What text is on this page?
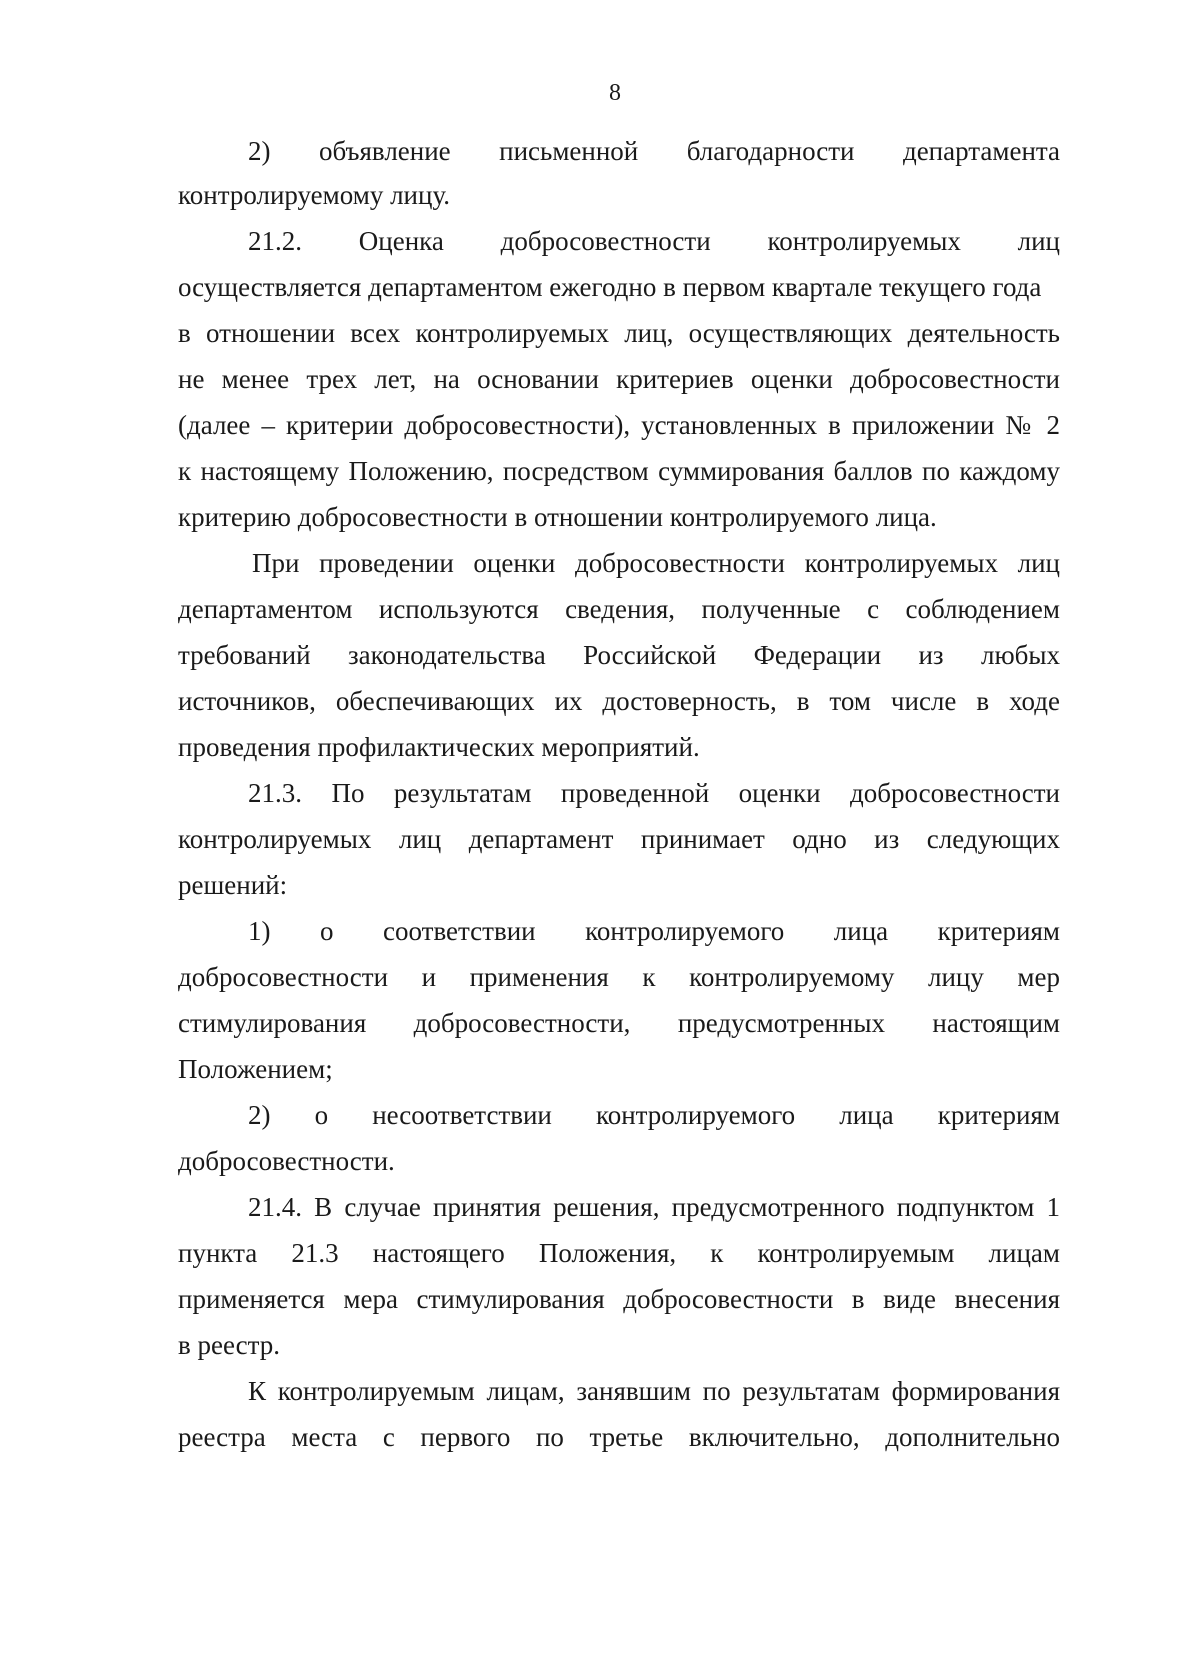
8
2) объявление письменной благодарности департамента
контролируемому лицу.
21.2. Оценка добросовестности контролируемых лиц
осуществляется департаментом ежегодно в первом квартале текущего года
в отношении всех контролируемых лиц, осуществляющих деятельность
не менее трех лет, на основании критериев оценки добросовестности
(далее – критерии добросовестности), установленных в приложении № 2
к настоящему Положению, посредством суммирования баллов по каждому
критерию добросовестности в отношении контролируемого лица.
При проведении оценки добросовестности контролируемых лиц
департаментом используются сведения, полученные с соблюдением
требований законодательства Российской Федерации из любых
источников, обеспечивающих их достоверность, в том числе в ходе
проведения профилактических мероприятий.
21.3. По результатам проведенной оценки добросовестности
контролируемых лиц департамент принимает одно из следующих
решений:
1) о соответствии контролируемого лица критериям
добросовестности и применения к контролируемому лицу мер
стимулирования добросовестности, предусмотренных настоящим
Положением;
2) о несоответствии контролируемого лица критериям
добросовестности.
21.4. В случае принятия решения, предусмотренного подпунктом 1
пункта 21.3 настоящего Положения, к контролируемым лицам
применяется мера стимулирования добросовестности в виде внесения
в реестр.
К контролируемым лицам, занявшим по результатам формирования
реестра места с первого по третье включительно, дополнительно
